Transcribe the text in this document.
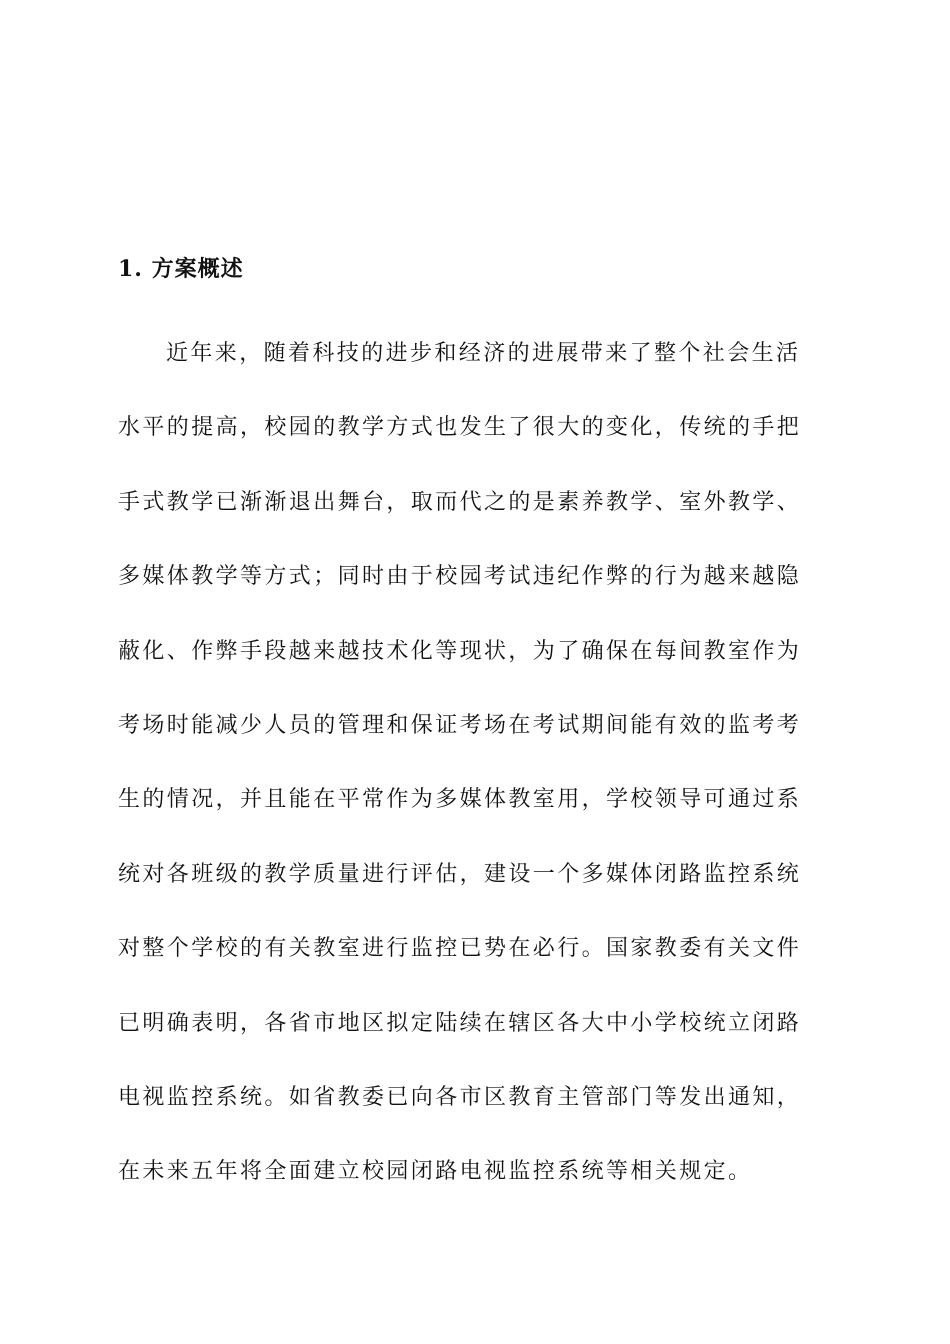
1. 方案概述
近年来，随着科技的进步和经济的进展带来了整个社会生活
水平的提高，校园的教学方式也发生了很大的变化，传统的手把
手式教学已渐渐退出舞台，取而代之的是素养教学、室外教学、
多媒体教学等方式；同时由于校园考试违纪作弊的行为越来越隐
蔽化、作弊手段越来越技术化等现状，为了确保在每间教室作为
考场时能减少人员的管理和保证考场在考试期间能有效的监考考
生的情况，并且能在平常作为多媒体教室用，学校领导可通过系
统对各班级的教学质量进行评估，建设一个多媒体闭路监控系统
对整个学校的有关教室进行监控已势在必行。国家教委有关文件
已明确表明，各省市地区拟定陆续在辖区各大中小学校统立闭路
电视监控系统。如省教委已向各市区教育主管部门等发出通知，
在未来五年将全面建立校园闭路电视监控系统等相关规定。
